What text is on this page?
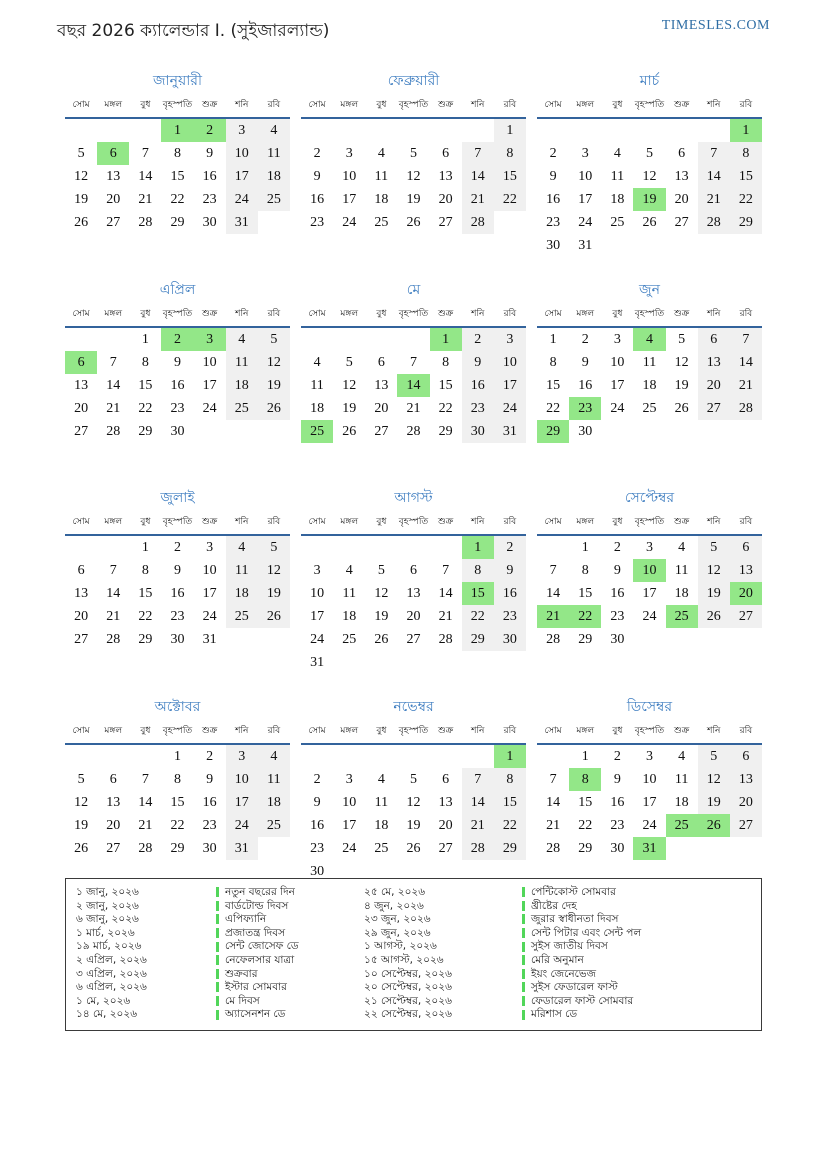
বছর 2026 ক্যালেন্ডার I. (সুইজারল্যান্ড)	TIMESLES.COM
জানুয়ারী
সোম	মঙ্গল	বুধ	বৃহস্পতি	শুক্র	শনি	রবি
			1	2	3	4
5	6	7	8	9	10	11
12	13	14	15	16	17	18
19	20	21	22	23	24	25
26	27	28	29	30	31	
ফেব্রুয়ারী
সোম	মঙ্গল	বুধ	বৃহস্পতি	শুক্র	শনি	রবি
						1
2	3	4	5	6	7	8
9	10	11	12	13	14	15
16	17	18	19	20	21	22
23	24	25	26	27	28	
মার্চ
সোম	মঙ্গল	বুধ	বৃহস্পতি	শুক্র	শনি	রবি
						1
2	3	4	5	6	7	8
9	10	11	12	13	14	15
16	17	18	19	20	21	22
23	24	25	26	27	28	29
30	31					
এপ্রিল
সোম	মঙ্গল	বুধ	বৃহস্পতি	শুক্র	শনি	রবি
		1	2	3	4	5
6	7	8	9	10	11	12
13	14	15	16	17	18	19
20	21	22	23	24	25	26
27	28	29	30			
মে
সোম	মঙ্গল	বুধ	বৃহস্পতি	শুক্র	শনি	রবি
				1	2	3
4	5	6	7	8	9	10
11	12	13	14	15	16	17
18	19	20	21	22	23	24
25	26	27	28	29	30	31
জুন
সোম	মঙ্গল	বুধ	বৃহস্পতি	শুক্র	শনি	রবি
1	2	3	4	5	6	7
8	9	10	11	12	13	14
15	16	17	18	19	20	21
22	23	24	25	26	27	28
29	30					
জুলাই
সোম	মঙ্গল	বুধ	বৃহস্পতি	শুক্র	শনি	রবি
		1	2	3	4	5
6	7	8	9	10	11	12
13	14	15	16	17	18	19
20	21	22	23	24	25	26
27	28	29	30	31		
আগস্ট
সোম	মঙ্গল	বুধ	বৃহস্পতি	শুক্র	শনি	রবি
					1	2
3	4	5	6	7	8	9
10	11	12	13	14	15	16
17	18	19	20	21	22	23
24	25	26	27	28	29	30
31						
সেপ্টেম্বর
সোম	মঙ্গল	বুধ	বৃহস্পতি	শুক্র	শনি	রবি
	1	2	3	4	5	6
7	8	9	10	11	12	13
14	15	16	17	18	19	20
21	22	23	24	25	26	27
28	29	30				
অক্টোবর
সোম	মঙ্গল	বুধ	বৃহস্পতি	শুক্র	শনি	রবি
			1	2	3	4
5	6	7	8	9	10	11
12	13	14	15	16	17	18
19	20	21	22	23	24	25
26	27	28	29	30	31	
নভেম্বর
সোম	মঙ্গল	বুধ	বৃহস্পতি	শুক্র	শনি	রবি
						1
2	3	4	5	6	7	8
9	10	11	12	13	14	15
16	17	18	19	20	21	22
23	24	25	26	27	28	29
30						
ডিসেম্বর
সোম	মঙ্গল	বুধ	বৃহস্পতি	শুক্র	শনি	রবি
	1	2	3	4	5	6
7	8	9	10	11	12	13
14	15	16	17	18	19	20
21	22	23	24	25	26	27
28	29	30	31			
১ জানু, ২০২৬	নতুন বছরের দিন	২৫ মে, ২০২৬	পেন্টিকোস্ট সোমবার
২ জানু, ২০২৬	বার্ডটোল্ড দিবস	৪ জুন, ২০২৬	খ্রীষ্টের দেহ
৬ জানু, ২০২৬	এপিফ্যানি	২৩ জুন, ২০২৬	জুরার স্বাধীনতা দিবস
১ মার্চ, ২০২৬	প্রজাতন্ত্র দিবস	২৯ জুন, ২০২৬	সেন্ট পিটার এবং সেন্ট পল
১৯ মার্চ, ২০২৬	সেন্ট জোসেফ ডে	১ আগস্ট, ২০২৬	সুইস জাতীয় দিবস
২ এপ্রিল, ২০২৬	নেফেলসার যাত্রা	১৫ আগস্ট, ২০২৬	মেরি অনুমান
৩ এপ্রিল, ২০২৬	শুক্রবার	১০ সেপ্টেম্বর, ২০২৬	ইয়ং জেনেভেজ
৬ এপ্রিল, ২০২৬	ইস্টার সোমবার	২০ সেপ্টেম্বর, ২০২৬	সুইস ফেডারেল ফাস্ট
১ মে, ২০২৬	মে দিবস	২১ সেপ্টেম্বর, ২০২৬	ফেডারেল ফাস্ট সোমবার
১৪ মে, ২০২৬	অ্যাসেনশন ডে	২২ সেপ্টেম্বর, ২০২৬	মরিশাস ডে
